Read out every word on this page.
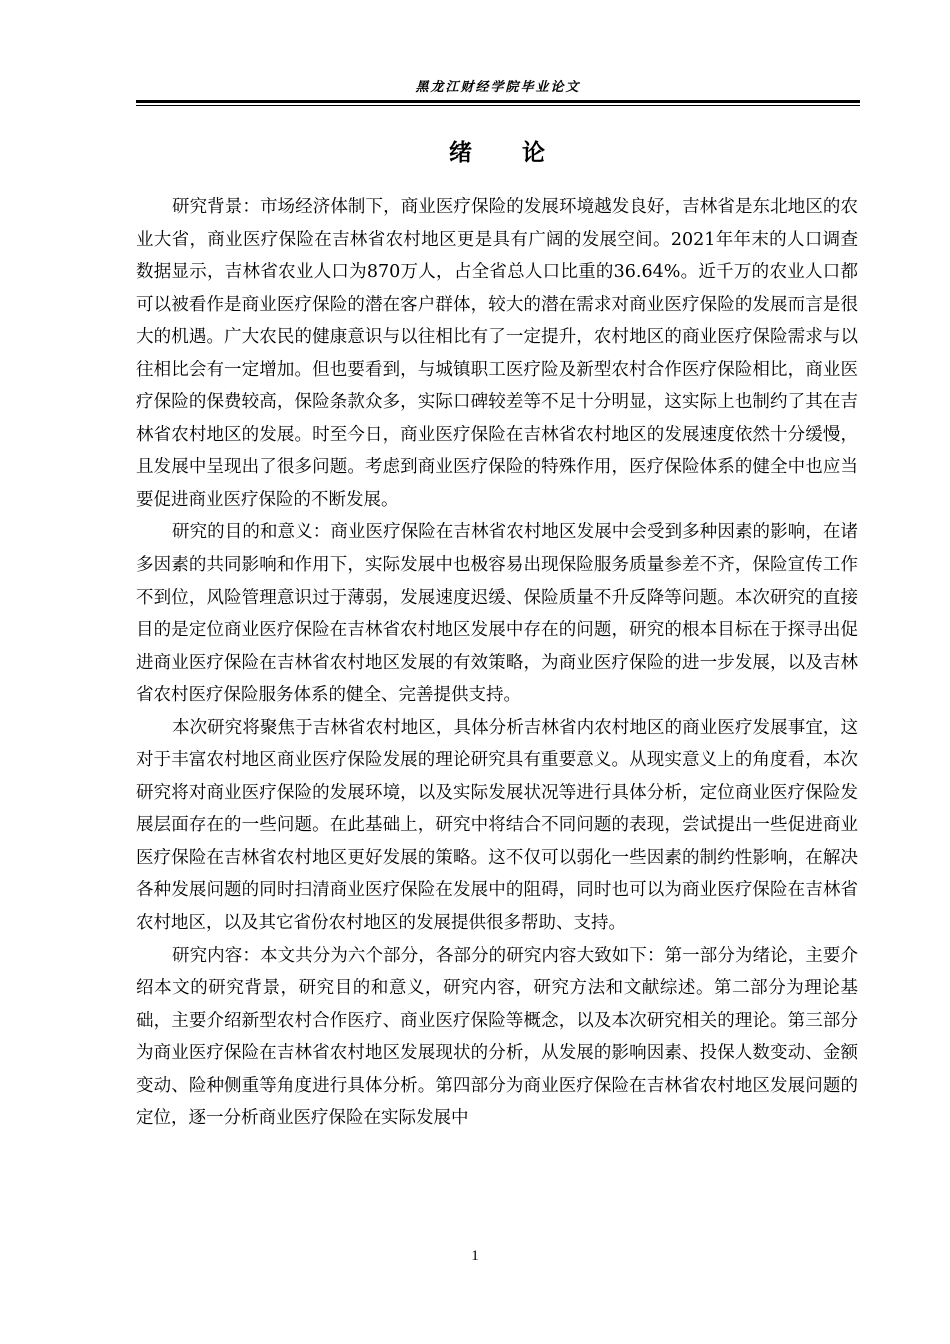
黑龙江财经学院毕业论文
绪 论

研究背景：市场经济体制下，商业医疗保险的发展环境越发良好，吉林省是东北地区的农业大省，商业医疗保险在吉林省农村地区更是具有广阔的发展空间。2021年年末的人口调查数据显示，吉林省农业人口为870万人，占全省总人口比重的36.64%。近千万的农业人口都可以被看作是商业医疗保险的潜在客户群体，较大的潜在需求对商业医疗保险的发展而言是很大的机遇。广大农民的健康意识与以往相比有了一定提升，农村地区的商业医疗保险需求与以往相比会有一定增加。但也要看到，与城镇职工医疗险及新型农村合作医疗保险相比，商业医疗保险的保费较高，保险条款众多，实际口碑较差等不足十分明显，这实际上也制约了其在吉林省农村地区的发展。时至今日，商业医疗保险在吉林省农村地区的发展速度依然十分缓慢，且发展中呈现出了很多问题。考虑到商业医疗保险的特殊作用，医疗保险体系的健全中也应当要促进商业医疗保险的不断发展。

研究的目的和意义：商业医疗保险在吉林省农村地区发展中会受到多种因素的影响，在诸多因素的共同影响和作用下，实际发展中也极容易出现保险服务质量参差不齐，保险宣传工作不到位，风险管理意识过于薄弱，发展速度迟缓、保险质量不升反降等问题。本次研究的直接目的是定位商业医疗保险在吉林省农村地区发展中存在的问题，研究的根本目标在于探寻出促进商业医疗保险在吉林省农村地区发展的有效策略，为商业医疗保险的进一步发展，以及吉林省农村医疗保险服务体系的健全、完善提供支持。

本次研究将聚焦于吉林省农村地区，具体分析吉林省内农村地区的商业医疗发展事宜，这对于丰富农村地区商业医疗保险发展的理论研究具有重要意义。从现实意义上的角度看，本次研究将对商业医疗保险的发展环境，以及实际发展状况等进行具体分析，定位商业医疗保险发展层面存在的一些问题。在此基础上，研究中将结合不同问题的表现，尝试提出一些促进商业医疗保险在吉林省农村地区更好发展的策略。这不仅可以弱化一些因素的制约性影响，在解决各种发展问题的同时扫清商业医疗保险在发展中的阻碍，同时也可以为商业医疗保险在吉林省农村地区，以及其它省份农村地区的发展提供很多帮助、支持。

研究内容：本文共分为六个部分，各部分的研究内容大致如下：第一部分为绪论，主要介绍本文的研究背景，研究目的和意义，研究内容，研究方法和文献综述。第二部分为理论基础，主要介绍新型农村合作医疗、商业医疗保险等概念，以及本次研究相关的理论。第三部分为商业医疗保险在吉林省农村地区发展现状的分析，从发展的影响因素、投保人数变动、金额变动、险种侧重等角度进行具体分析。第四部分为商业医疗保险在吉林省农村地区发展问题的定位，逐一分析商业医疗保险在实际发展中

1
